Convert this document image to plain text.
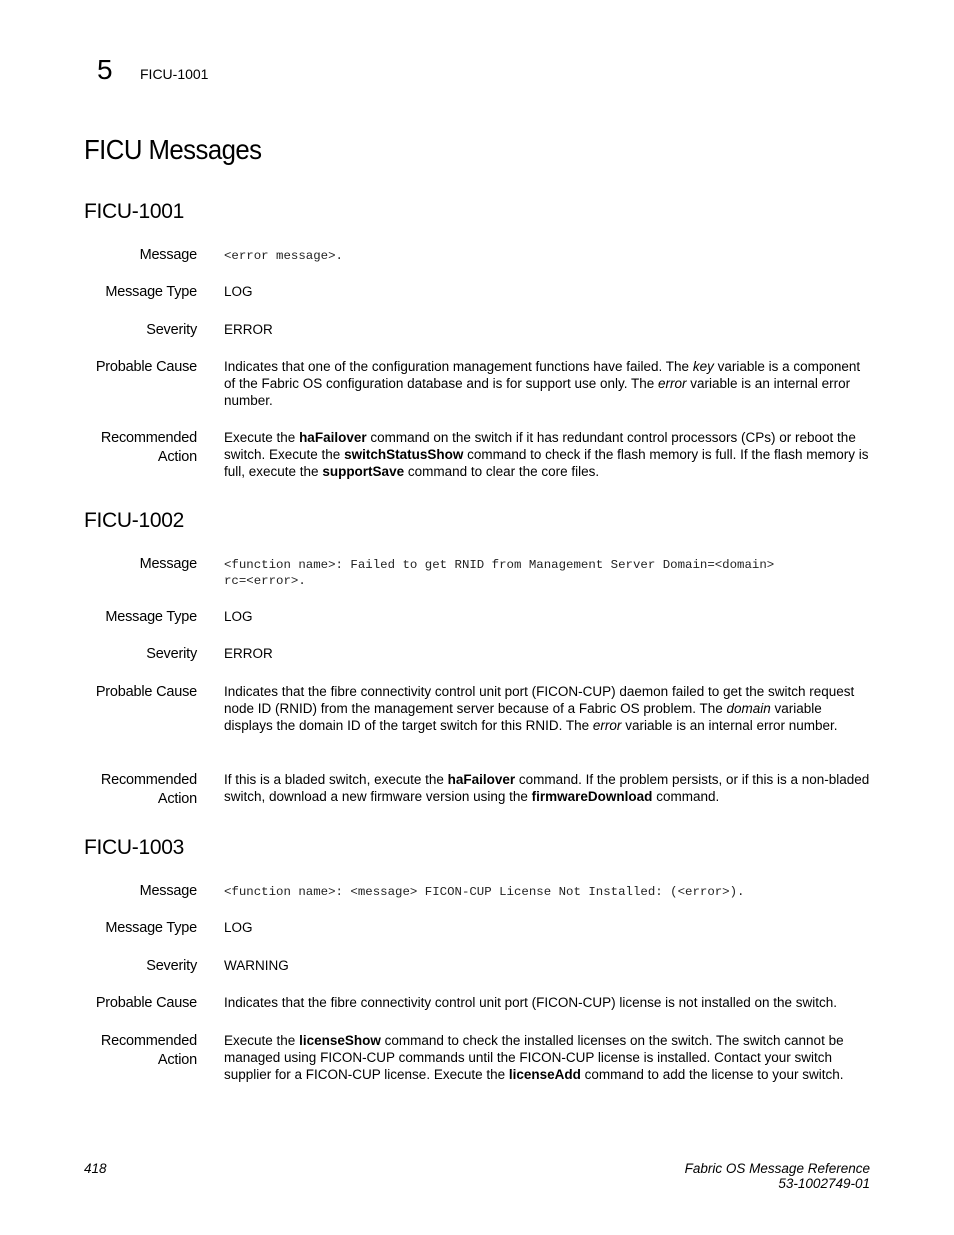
5 FICU-1001
FICU Messages
FICU-1001
Message <error message>.
Message Type LOG
Severity ERROR
Probable Cause Indicates that one of the configuration management functions have failed. The key variable is a component of the Fabric OS configuration database and is for support use only. The error variable is an internal error number.
Recommended
Action
Execute the haFailover command on the switch if it has redundant control processors (CPs) or reboot the switch. Execute the switchStatusShow command to check if the flash memory is full. If the flash memory is full, execute the supportSave command to clear the core files.
FICU-1002
Message <function name>: Failed to get RNID from Management Server Domain=<domain>
rc=<error>.
Message Type LOG
Severity ERROR
Probable Cause Indicates that the fibre connectivity control unit port (FICON-CUP) daemon failed to get the switch request node ID (RNID) from the management server because of a Fabric OS problem. The domain variable displays the domain ID of the target switch for this RNID. The error variable is an internal error number.
Recommended
Action
If this is a bladed switch, execute the haFailover command. If the problem persists, or if this is a non-bladed switch, download a new firmware version using the firmwareDownload command.
FICU-1003
Message <function name>: <message> FICON-CUP License Not Installed: (<error>).
Message Type LOG
Severity WARNING
Probable Cause Indicates that the fibre connectivity control unit port (FICON-CUP) license is not installed on the switch.
Recommended
Action
Execute the licenseShow command to check the installed licenses on the switch. The switch cannot be managed using FICON-CUP commands until the FICON-CUP license is installed. Contact your switch supplier for a FICON-CUP license. Execute the licenseAdd command to add the license to your switch.
418	Fabric OS Message Reference
53-1002749-01
